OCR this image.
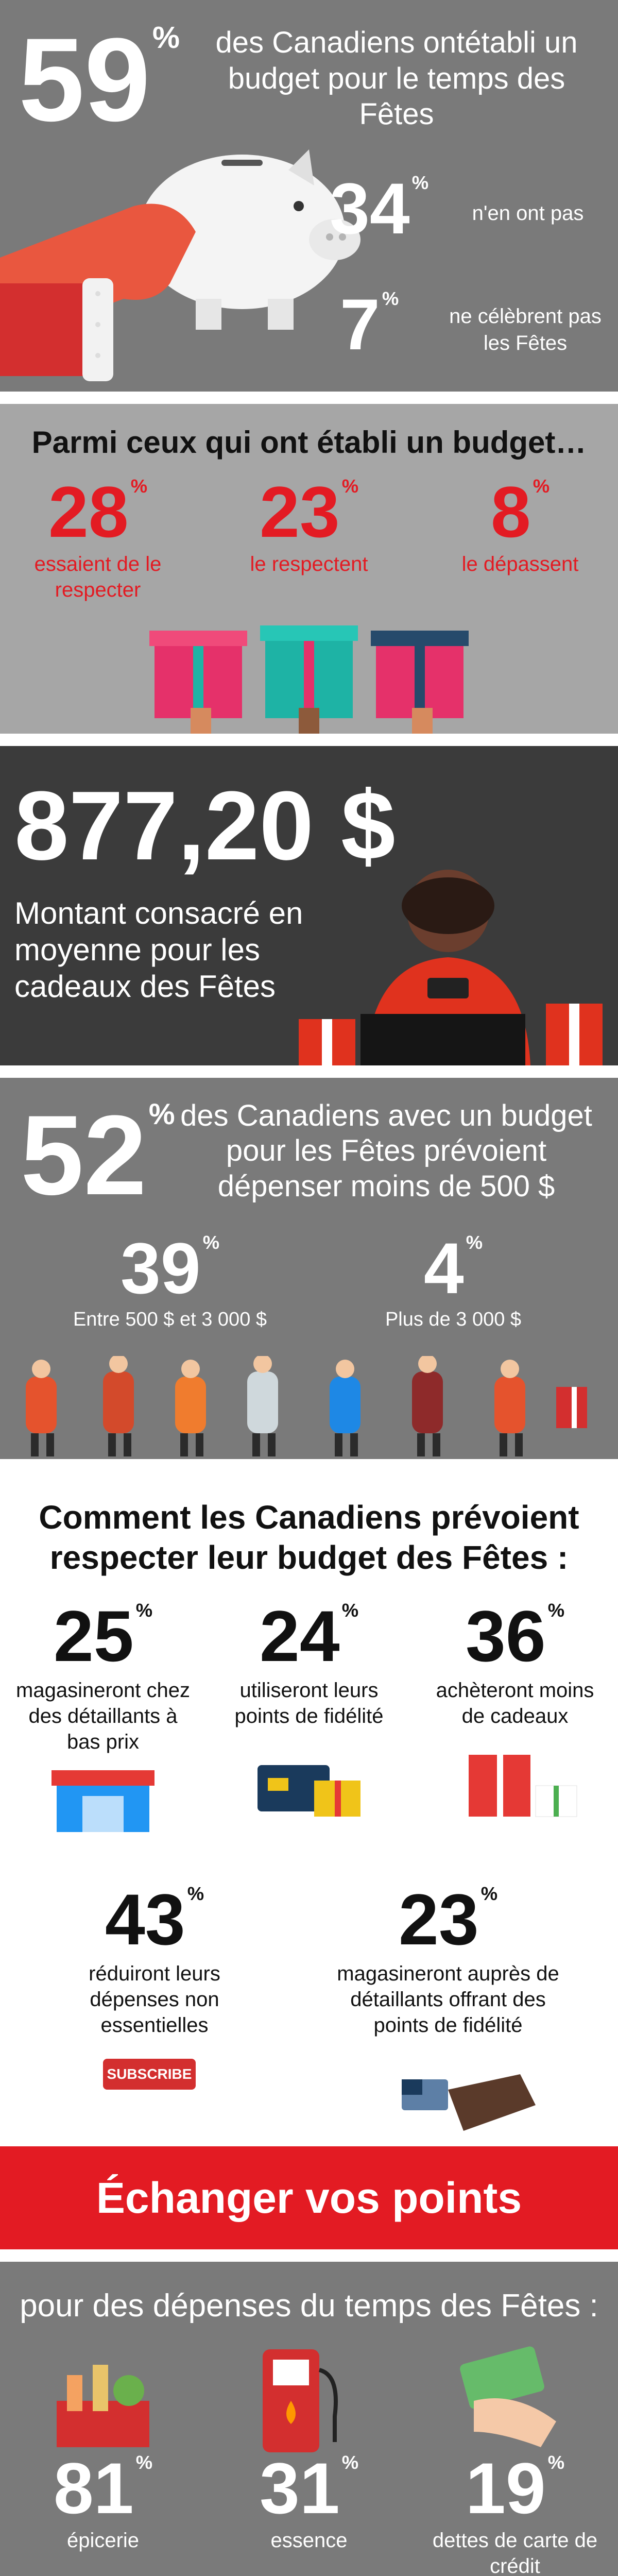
59%	des Canadiens ontétabli un budget pour le temps des Fêtes
34 %
n'en ont pas
7 %
ne célèbrent pas les Fêtes
Parmi ceux qui ont établi un budget…
28 %
essaient de le respecter
23 %
le respectent
8 %
le dépassent
877,20 $
Montant consacré en moyenne pour les cadeaux des Fêtes
52% des Canadiens avec un budget pour les Fêtes prévoient dépenser moins de 500 $
39 %
Entre 500 $ et 3 000 $
4 %
Plus de 3 000 $
Comment les Canadiens prévoient respecter leur budget des Fêtes :
25 %
magasineront chez des détaillants à bas prix
24 %
utiliseront leurs points de fidélité
36 %
achèteront moins de cadeaux
43 %
réduiront leurs dépenses non essentielles
SUBSCRIBE
23 %
magasineront auprès de détaillants offrant des points de fidélité
Échanger vos points
pour des dépenses du temps des Fêtes :
81 %
épicerie
31 %
essence
19 %
dettes de carte de crédit
